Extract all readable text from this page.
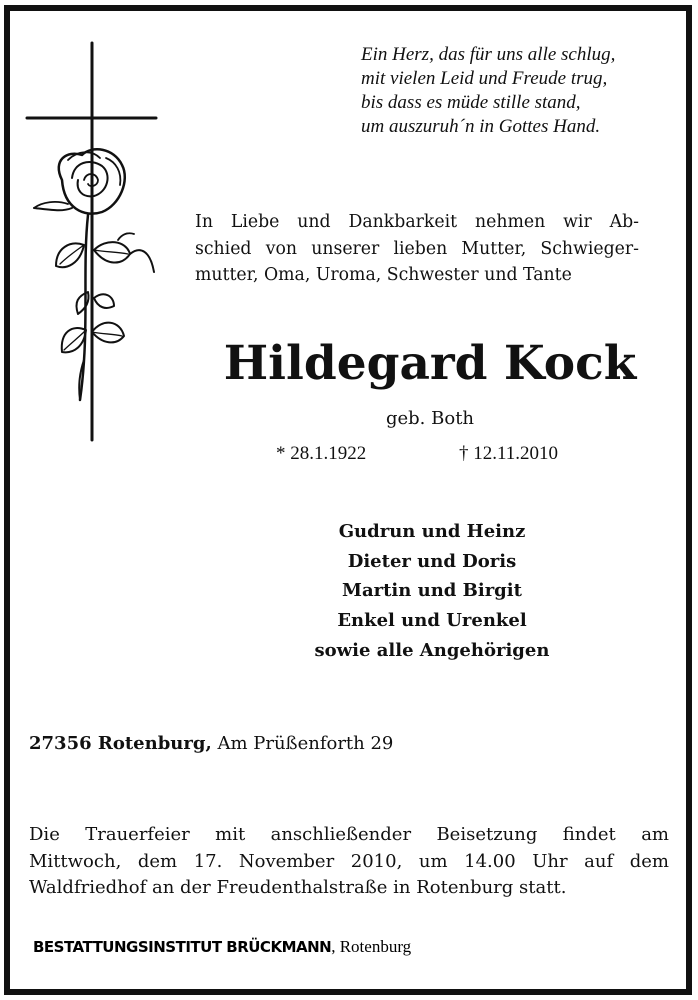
Ein Herz, das für uns alle schlug,
mit vielen Leid und Freude trug,
bis dass es müde stille stand,
um auszuruh´n in Gottes Hand.
In Liebe und Dankbarkeit nehmen wir Ab-
schied von unserer lieben Mutter, Schwieger-
mutter, Oma, Uroma, Schwester und Tante
Hildegard Kock
geb. Both
* 28.1.1922	† 12.11.2010
Gudrun und Heinz
Dieter und Doris
Martin und Birgit
Enkel und Urenkel
sowie alle Angehörigen
27356 Rotenburg, Am Prüßenforth 29
Die Trauerfeier mit anschließender Beisetzung findet am
Mittwoch, dem 17. November 2010, um 14.00 Uhr auf dem
Waldfriedhof an der Freudenthalstraße in Rotenburg statt.
BESTATTUNGSINSTITUT BRÜCKMANN, Rotenburg
